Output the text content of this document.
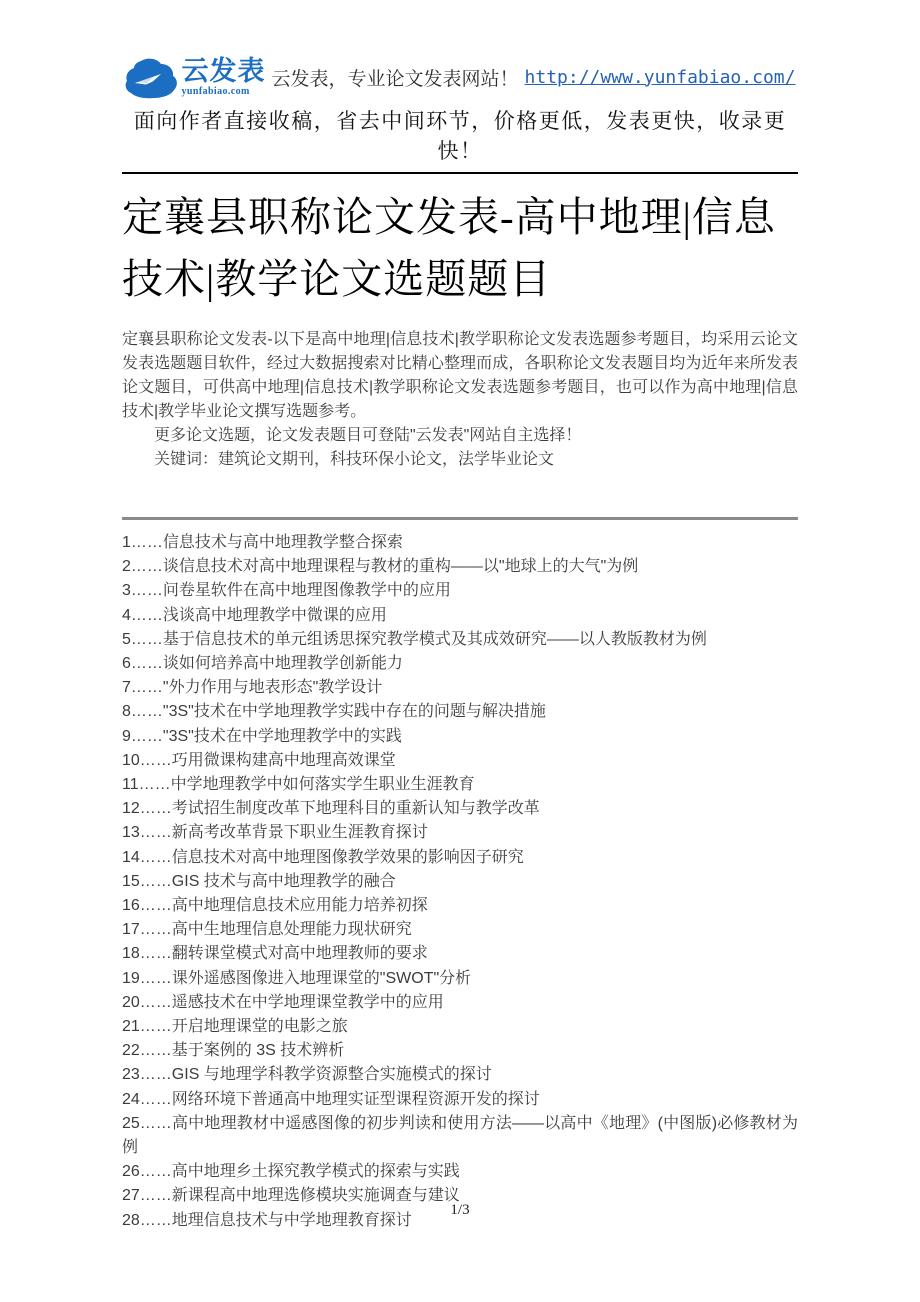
云发表
yunfabiao.com
云发表，专业论文发表网站！ http://www.yunfabiao.com/
面向作者直接收稿，省去中间环节，价格更低，发表更快，收录更快！
定襄县职称论文发表-高中地理|信息技术|教学论文选题题目

定襄县职称论文发表-以下是高中地理|信息技术|教学职称论文发表选题参考题目，均采用云论文发表选题题目软件，经过大数据搜索对比精心整理而成，各职称论文发表题目均为近年来所发表论文题目，可供高中地理|信息技术|教学职称论文发表选题参考题目，也可以作为高中地理|信息技术|教学毕业论文撰写选题参考。

更多论文选题，论文发表题目可登陆"云发表"网站自主选择！

关键词：建筑论文期刊，科技环保小论文，法学毕业论文

1……信息技术与高中地理教学整合探索
2……谈信息技术对高中地理课程与教材的重构——以"地球上的大气"为例
3……问卷星软件在高中地理图像教学中的应用
4……浅谈高中地理教学中微课的应用
5……基于信息技术的单元组诱思探究教学模式及其成效研究——以人教版教材为例
6……谈如何培养高中地理教学创新能力
7……"外力作用与地表形态"教学设计
8……"3S"技术在中学地理教学实践中存在的问题与解决措施
9……"3S"技术在中学地理教学中的实践
10……巧用微课构建高中地理高效课堂
11……中学地理教学中如何落实学生职业生涯教育
12……考试招生制度改革下地理科目的重新认知与教学改革
13……新高考改革背景下职业生涯教育探讨
14……信息技术对高中地理图像教学效果的影响因子研究
15……GIS 技术与高中地理教学的融合
16……高中地理信息技术应用能力培养初探
17……高中生地理信息处理能力现状研究
18……翻转课堂模式对高中地理教师的要求
19……课外遥感图像进入地理课堂的"SWOT"分析
20……遥感技术在中学地理课堂教学中的应用
21……开启地理课堂的电影之旅
22……基于案例的 3S 技术辨析
23……GIS 与地理学科教学资源整合实施模式的探讨
24……网络环境下普通高中地理实证型课程资源开发的探讨
25……高中地理教材中遥感图像的初步判读和使用方法——以高中《地理》(中图版)必修教材为例
26……高中地理乡土探究教学模式的探索与实践
27……新课程高中地理选修模块实施调查与建议
28……地理信息技术与中学地理教育探讨
1/3
